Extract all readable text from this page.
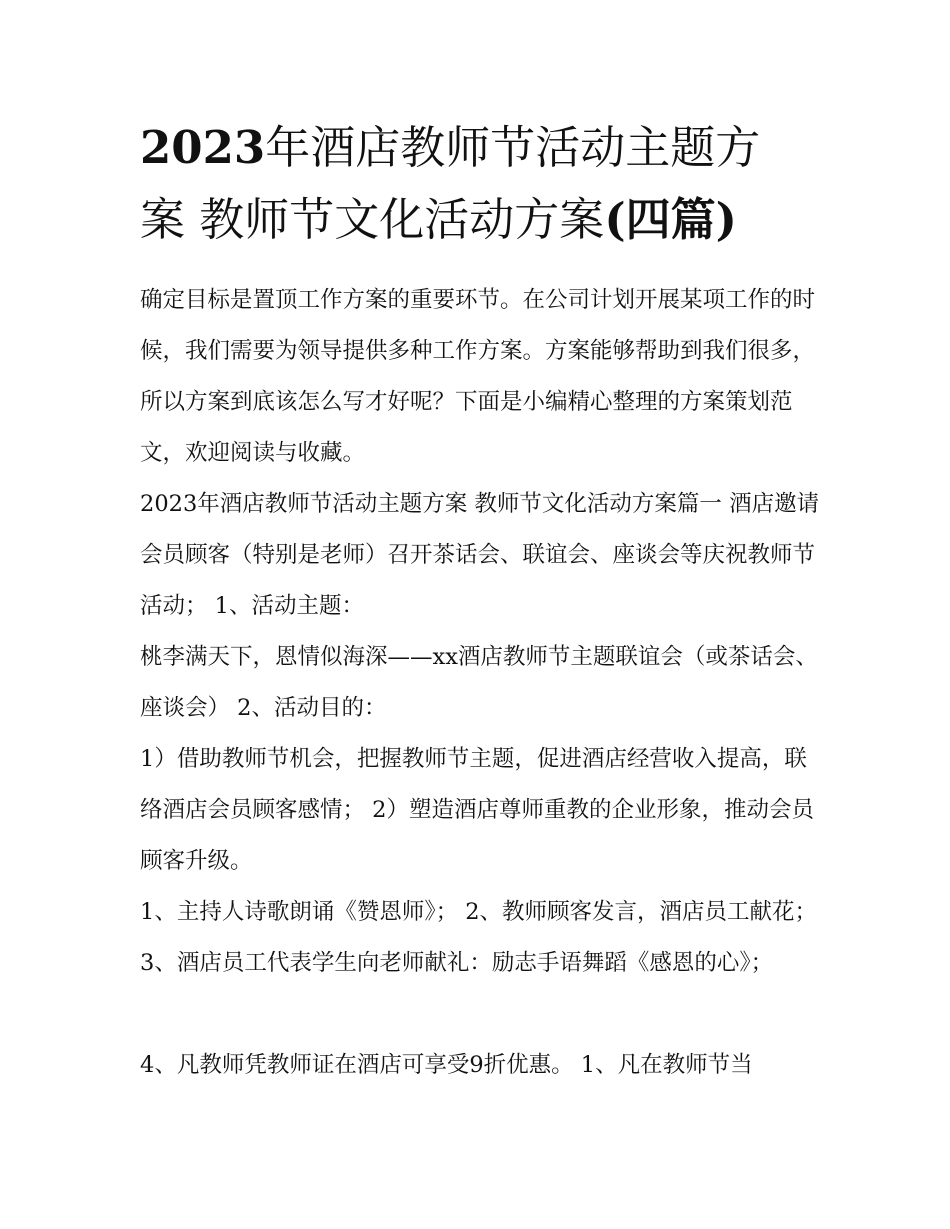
2023年酒店教师节活动主题方
案 教师节文化活动方案(四篇)

确定目标是置顶工作方案的重要环节。在公司计划开展某项工作的时候，我们需要为领导提供多种工作方案。方案能够帮助到我们很多，所以方案到底该怎么写才好呢？下面是小编精心整理的方案策划范文，欢迎阅读与收藏。

2023年酒店教师节活动主题方案 教师节文化活动方案篇一 酒店邀请会员顾客（特别是老师）召开茶话会、联谊会、座谈会等庆祝教师节活动； 1、活动主题：

桃李满天下，恩情似海深——xx酒店教师节主题联谊会（或茶话会、座谈会） 2、活动目的：

1）借助教师节机会，把握教师节主题，促进酒店经营收入提高，联络酒店会员顾客感情； 2）塑造酒店尊师重教的企业形象，推动会员顾客升级。

1、主持人诗歌朗诵《赞恩师》； 2、教师顾客发言，酒店员工献花； 3、酒店员工代表学生向老师献礼：励志手语舞蹈《感恩的心》；

4、凡教师凭教师证在酒店可享受9折优惠。 1、凡在教师节当
